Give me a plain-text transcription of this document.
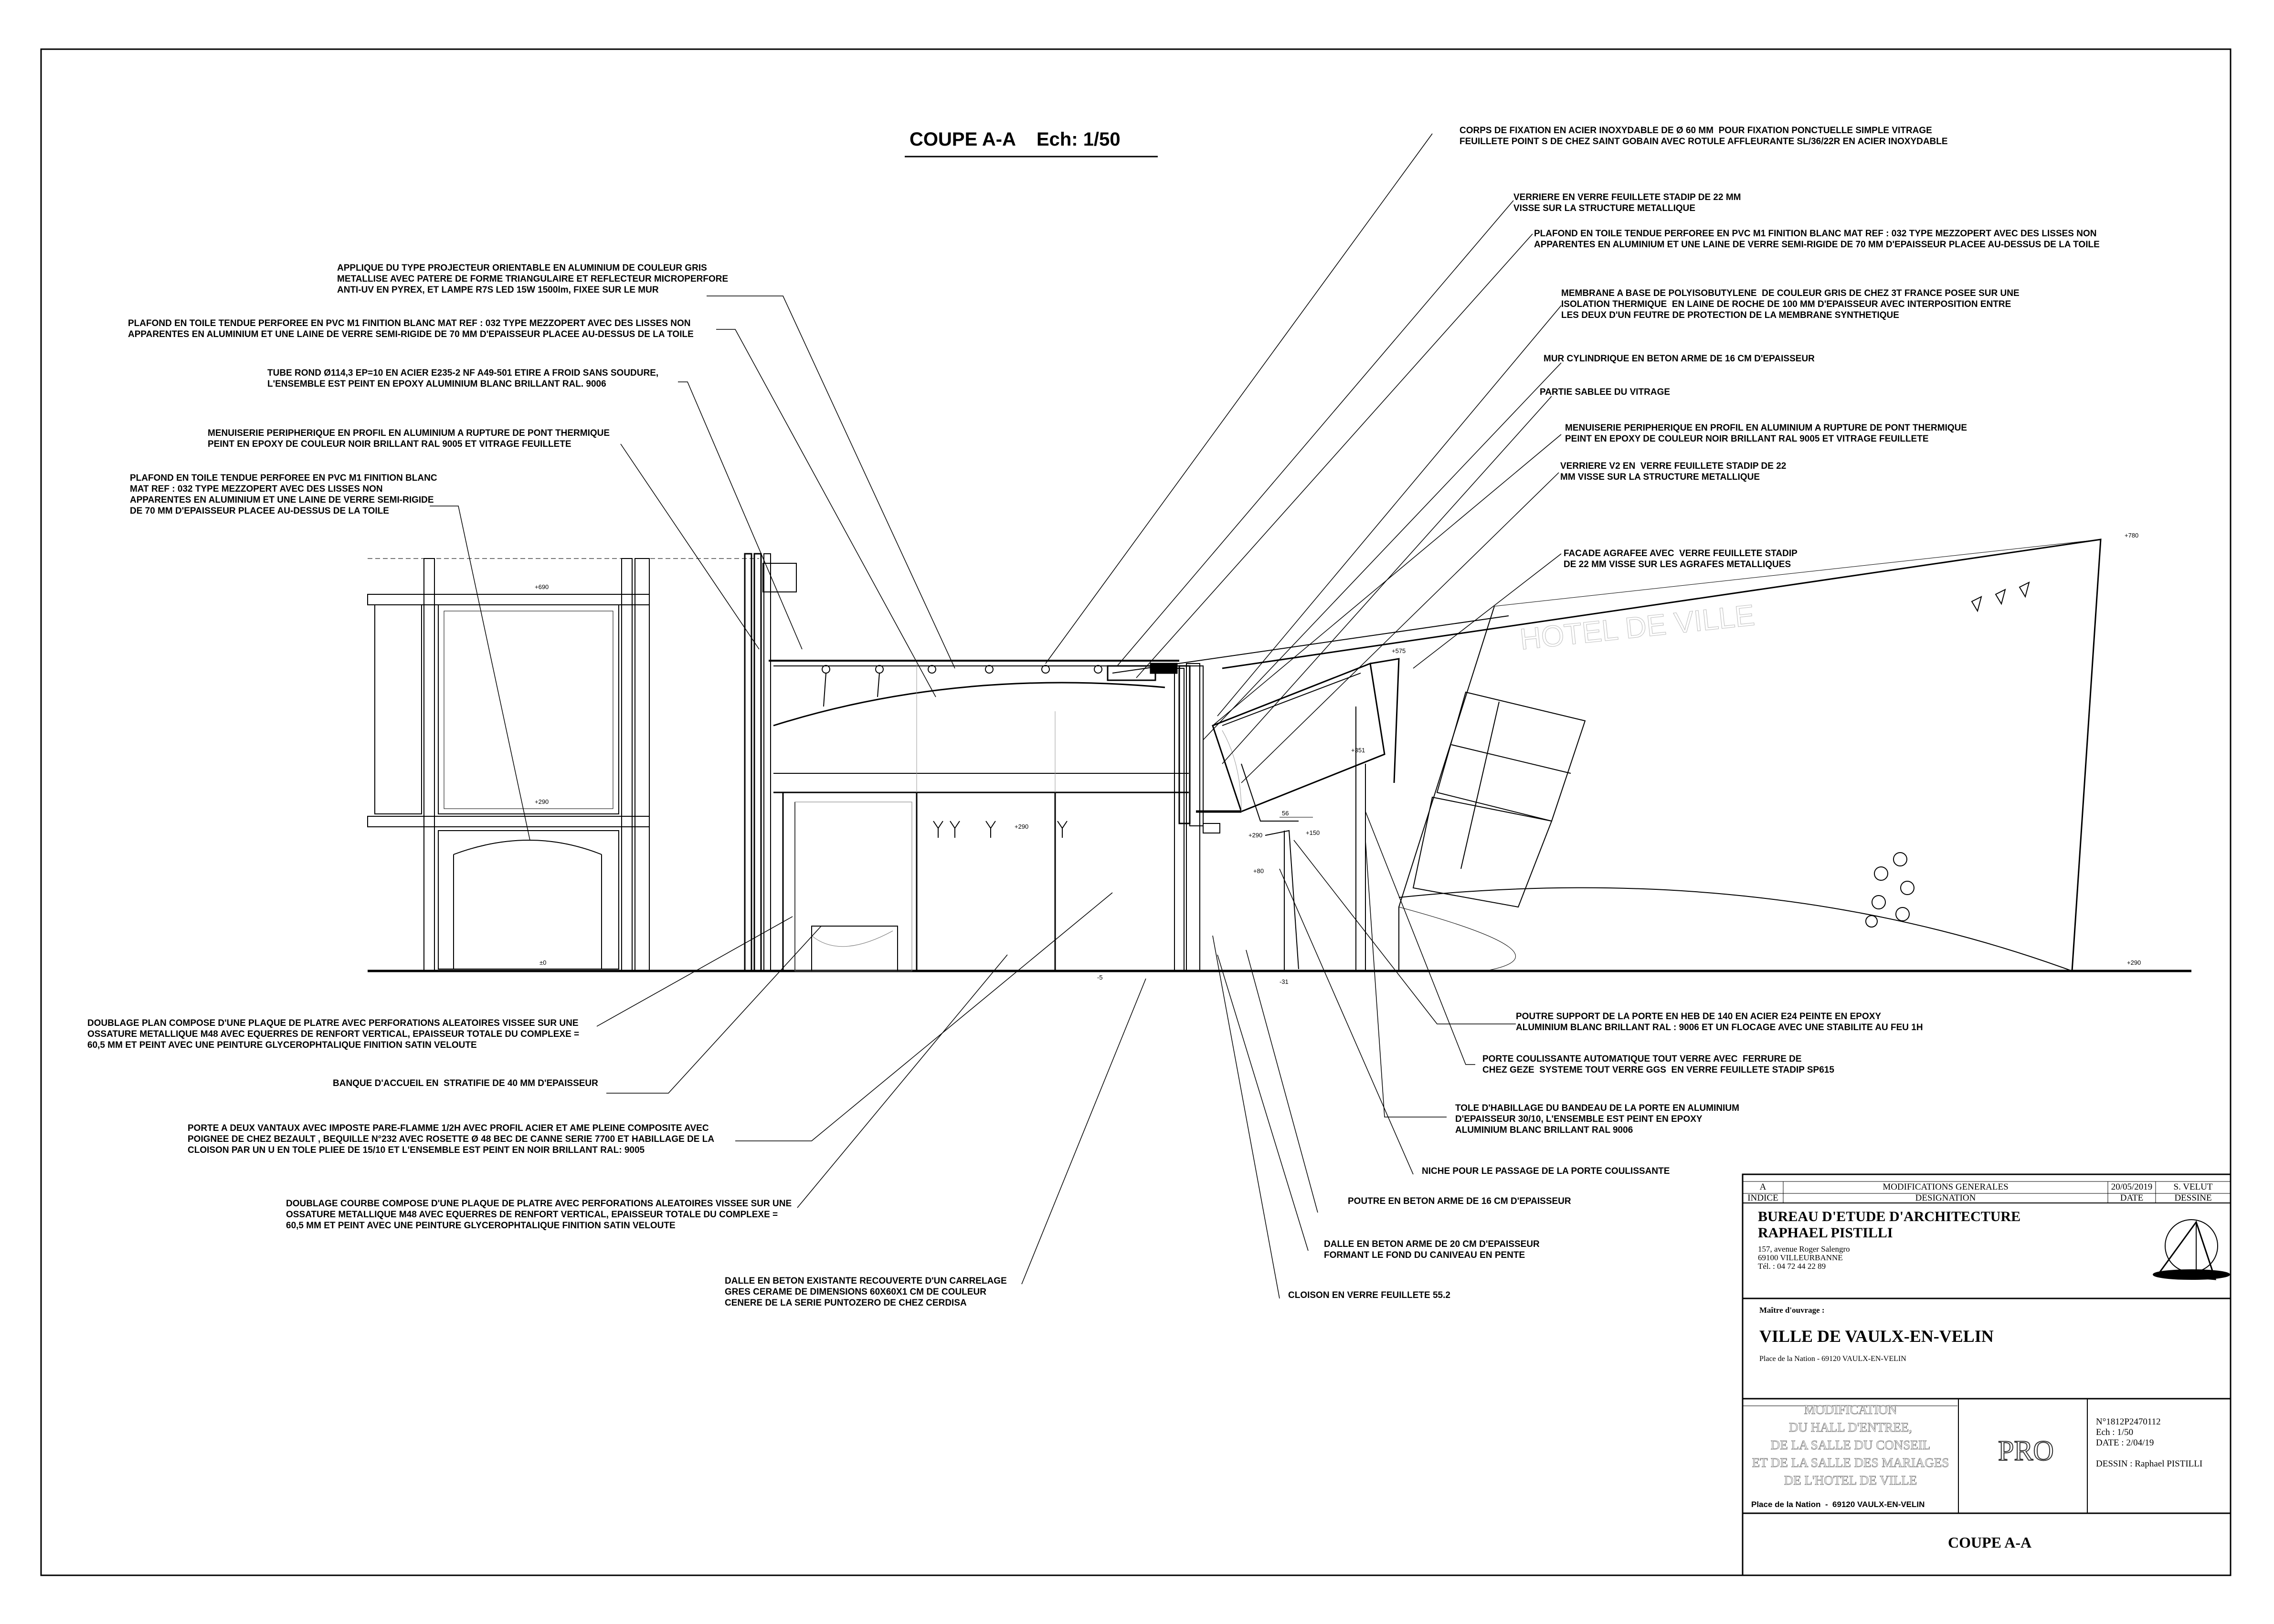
COUPE A-A    Ech: 1/50
HOTEL DE VILLE
+690
+290
±0
+780
+575
+351
+290	+150
+80
-5
-31
+290
+290
56
APPLIQUE DU TYPE PROJECTEUR ORIENTABLE EN ALUMINIUM DE COULEUR GRIS
METALLISE AVEC PATERE DE FORME TRIANGULAIRE ET REFLECTEUR MICROPERFORE
ANTI-UV EN PYREX, ET LAMPE R7S LED 15W 1500lm, FIXEE SUR LE MUR
PLAFOND EN TOILE TENDUE PERFOREE EN PVC M1 FINITION BLANC MAT REF : 032 TYPE MEZZOPERT AVEC DES LISSES NON
APPARENTES EN ALUMINIUM ET UNE LAINE DE VERRE SEMI-RIGIDE DE 70 MM D'EPAISSEUR PLACEE AU-DESSUS DE LA TOILE
TUBE ROND Ø114,3 EP=10 EN ACIER E235-2 NF A49-501 ETIRE A FROID SANS SOUDURE,
L'ENSEMBLE EST PEINT EN EPOXY ALUMINIUM BLANC BRILLANT RAL. 9006
MENUISERIE PERIPHERIQUE EN PROFIL EN ALUMINIUM A RUPTURE DE PONT THERMIQUE
PEINT EN EPOXY DE COULEUR NOIR BRILLANT RAL 9005 ET VITRAGE FEUILLETE
PLAFOND EN TOILE TENDUE PERFOREE EN PVC M1 FINITION BLANC
MAT REF : 032 TYPE MEZZOPERT AVEC DES LISSES NON
APPARENTES EN ALUMINIUM ET UNE LAINE DE VERRE SEMI-RIGIDE
DE 70 MM D'EPAISSEUR PLACEE AU-DESSUS DE LA TOILE
DOUBLAGE PLAN COMPOSE D'UNE PLAQUE DE PLATRE AVEC PERFORATIONS ALEATOIRES VISSEE SUR UNE
OSSATURE METALLIQUE M48 AVEC EQUERRES DE RENFORT VERTICAL, EPAISSEUR TOTALE DU COMPLEXE =
60,5 MM ET PEINT AVEC UNE PEINTURE GLYCEROPHTALIQUE FINITION SATIN VELOUTE
BANQUE D'ACCUEIL EN  STRATIFIE DE 40 MM D'EPAISSEUR
PORTE A DEUX VANTAUX AVEC IMPOSTE PARE-FLAMME 1/2H AVEC PROFIL ACIER ET AME PLEINE COMPOSITE AVEC
POIGNEE DE CHEZ BEZAULT , BEQUILLE N°232 AVEC ROSETTE Ø 48 BEC DE CANNE SERIE 7700 ET HABILLAGE DE LA
CLOISON PAR UN U EN TOLE PLIEE DE 15/10 ET L'ENSEMBLE EST PEINT EN NOIR BRILLANT RAL: 9005
DOUBLAGE COURBE COMPOSE D'UNE PLAQUE DE PLATRE AVEC PERFORATIONS ALEATOIRES VISSEE SUR UNE
OSSATURE METALLIQUE M48 AVEC EQUERRES DE RENFORT VERTICAL, EPAISSEUR TOTALE DU COMPLEXE =
60,5 MM ET PEINT AVEC UNE PEINTURE GLYCEROPHTALIQUE FINITION SATIN VELOUTE
DALLE EN BETON EXISTANTE RECOUVERTE D'UN CARRELAGE
GRES CERAME DE DIMENSIONS 60X60X1 CM DE COULEUR
CENERE DE LA SERIE PUNTOZERO DE CHEZ CERDISA
CORPS DE FIXATION EN ACIER INOXYDABLE DE Ø 60 MM  POUR FIXATION PONCTUELLE SIMPLE VITRAGE
FEUILLETE POINT S DE CHEZ SAINT GOBAIN AVEC ROTULE AFFLEURANTE SL/36/22R EN ACIER INOXYDABLE
VERRIERE EN VERRE FEUILLETE STADIP DE 22 MM
VISSE SUR LA STRUCTURE METALLIQUE
PLAFOND EN TOILE TENDUE PERFOREE EN PVC M1 FINITION BLANC MAT REF : 032 TYPE MEZZOPERT AVEC DES LISSES NON
APPARENTES EN ALUMINIUM ET UNE LAINE DE VERRE SEMI-RIGIDE DE 70 MM D'EPAISSEUR PLACEE AU-DESSUS DE LA TOILE
MEMBRANE A BASE DE POLYISOBUTYLENE  DE COULEUR GRIS DE CHEZ 3T FRANCE POSEE SUR UNE
ISOLATION THERMIQUE  EN LAINE DE ROCHE DE 100 MM D'EPAISSEUR AVEC INTERPOSITION ENTRE
LES DEUX D'UN FEUTRE DE PROTECTION DE LA MEMBRANE SYNTHETIQUE
MUR CYLINDRIQUE EN BETON ARME DE 16 CM D'EPAISSEUR
PARTIE SABLEE DU VITRAGE
MENUISERIE PERIPHERIQUE EN PROFIL EN ALUMINIUM A RUPTURE DE PONT THERMIQUE
PEINT EN EPOXY DE COULEUR NOIR BRILLANT RAL 9005 ET VITRAGE FEUILLETE
VERRIERE V2 EN  VERRE FEUILLETE STADIP DE 22
MM VISSE SUR LA STRUCTURE METALLIQUE
FACADE AGRAFEE AVEC  VERRE FEUILLETE STADIP
DE 22 MM VISSE SUR LES AGRAFES METALLIQUES
POUTRE SUPPORT DE LA PORTE EN HEB DE 140 EN ACIER E24 PEINTE EN EPOXY
ALUMINIUM BLANC BRILLANT RAL : 9006 ET UN FLOCAGE AVEC UNE STABILITE AU FEU 1H
PORTE COULISSANTE AUTOMATIQUE TOUT VERRE AVEC  FERRURE DE
CHEZ GEZE  SYSTEME TOUT VERRE GGS  EN VERRE FEUILLETE STADIP SP615
TOLE D'HABILLAGE DU BANDEAU DE LA PORTE EN ALUMINIUM
D'EPAISSEUR 30/10, L'ENSEMBLE EST PEINT EN EPOXY
ALUMINIUM BLANC BRILLANT RAL 9006
NICHE POUR LE PASSAGE DE LA PORTE COULISSANTE
POUTRE EN BETON ARME DE 16 CM D'EPAISSEUR
DALLE EN BETON ARME DE 20 CM D'EPAISSEUR
FORMANT LE FOND DU CANIVEAU EN PENTE
CLOISON EN VERRE FEUILLETE 55.2
A	MODIFICATIONS GENERALES	20/05/2019	S. VELUT
INDICE	DESIGNATION	DATE	DESSINE
BUREAU D'ETUDE D'ARCHITECTURE
RAPHAEL PISTILLI
157, avenue Roger Salengro
69100 VILLEURBANNE
Tél. : 04 72 44 22 89
Maître d'ouvrage :
VILLE DE VAULX-EN-VELIN
Place de la Nation - 69120 VAULX-EN-VELIN
MODIFICATION
DU HALL D'ENTREE,
DE LA SALLE DU CONSEIL
ET DE LA SALLE DES MARIAGES
DE L'HOTEL DE VILLE
Place de la Nation  -  69120 VAULX-EN-VELIN
PRO
N°1812P2470112
Ech : 1/50
DATE : 2/04/19

DESSIN : Raphael PISTILLI
COUPE A-A
